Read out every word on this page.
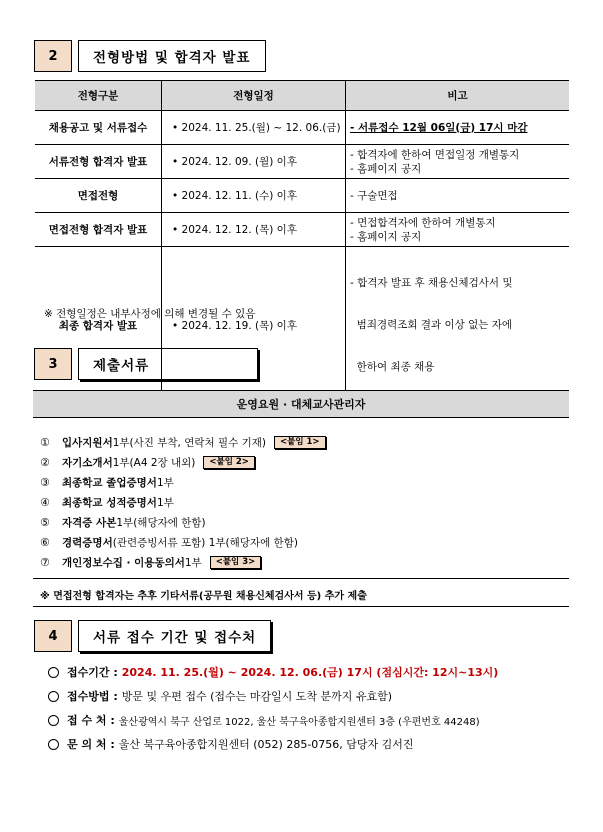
2	전형방법 및 합격자 발표
전형구분	전형일정	비고
채용공고 및 서류접수	• 2024. 11. 25.(월) ~ 12. 06.(금)	- 서류접수 12월 06일(금) 17시 마감

서류전형 합격자 발표	• 2024. 12. 09. (월) 이후	- 합격자에 한하여 면접일정 개별통지
- 홈페이지 공지

면접전형	• 2024. 12. 11. (수) 이후	- 구술면접

면접전형 합격자 발표	• 2024. 12. 12. (목) 이후	- 면접합격자에 한하여 개별통지
- 홈페이지 공지

최종 합격자 발표	• 2024. 12. 19. (목) 이후	- 합격자 발표 후 채용신체검사서 및

범죄경력조회 결과 이상 없는 자에

한하여 최종 채용

※ 전형일정은 내부사정에 의해 변경될 수 있음
3	제출서류
운영요원 · 대체교사관리자
①	입사지원서 1부(사진 부착, 연락처 필수 기재)	<붙임 1>
②	자기소개서 1부(A4 2장 내외)	<붙임 2>
③	최종학교 졸업증명서 1부
④	최종학교 성적증명서 1부
⑤	자격증 사본 1부(해당자에 한함)
⑥	경력증명서 (관련증빙서류 포함) 1부(해당자에 한함)
⑦	개인정보수집 · 이용동의서 1부	<붙임 3>
※ 면접전형 합격자는 추후 기타서류(공무원 채용신체검사서 등) 추가 제출
4	서류 접수 기간 및 접수처
접수기간 : 2024. 11. 25.(월) ~ 2024. 12. 06.(금) 17시 (점심시간: 12시~13시)
접수방법 : 방문 및 우편 접수 (접수는 마감일시 도착 분까지 유효함)
접 수 처 : 울산광역시 북구 산업로 1022, 울산 북구육아종합지원센터 3층 (우편번호 44248)
문 의 처 : 울산 북구육아종합지원센터 (052) 285-0756, 담당자 김서진
